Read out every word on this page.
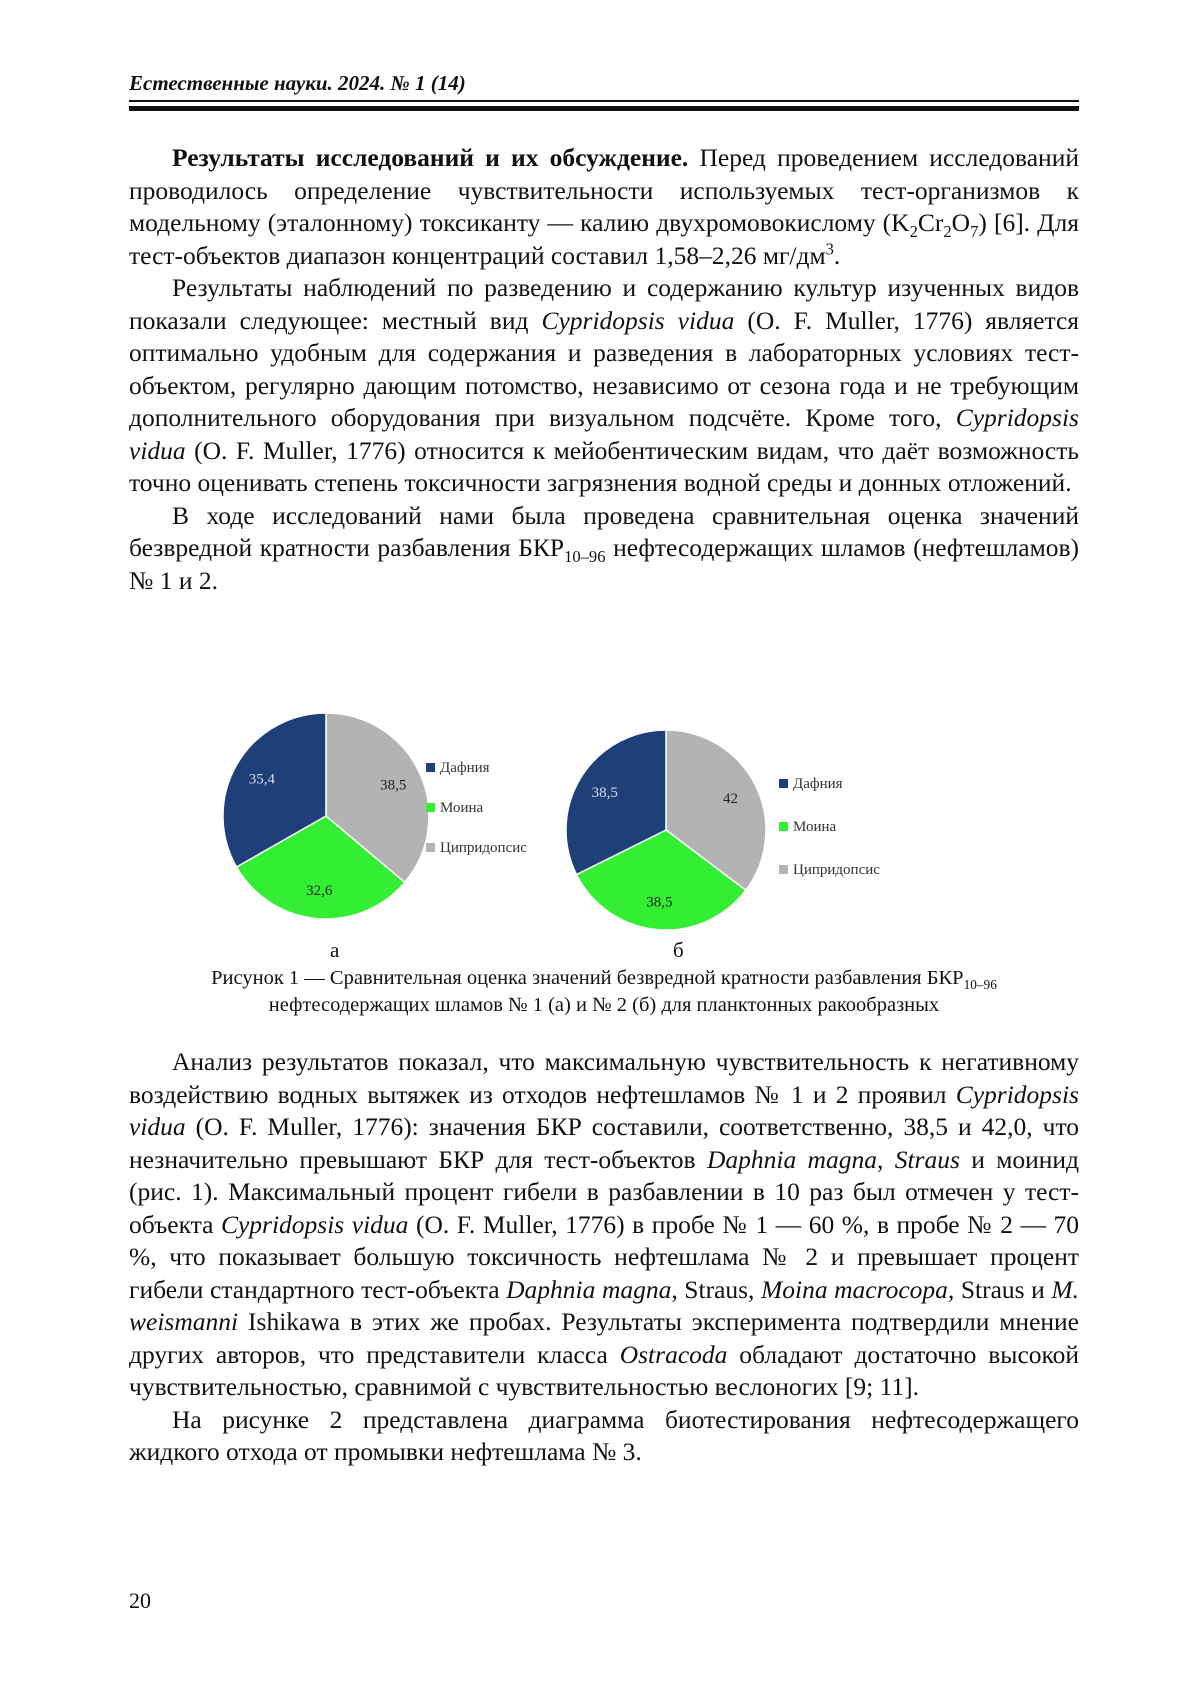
Естественные науки. 2024. № 1 (14)

Результаты исследований и их обсуждение. Перед проведением исследований проводилось определение чувствительности используемых тест-организмов к модельному (эталонному) токсиканту — калию двухромовокислому $(K_2Cr_2O_7)$ [6]. Для тест-объектов диапазон концентраций составил 1,58–2,26 $мг/дм^3$.

Результаты наблюдений по разведению и содержанию культур изученных видов показали следующее: местный вид Cypridopsis vidua (O. F. Muller, 1776) является оптимально удобным для содержания и разведения в лабораторных условиях тест-объектом, регулярно дающим потомство, независимо от сезона года и не требующим дополнительного оборудования при визуальном подсчёте. Кроме того, Cypridopsis vidua (O. F. Muller, 1776) относится к мейобентическим видам, что даёт возможность точно оценивать степень токсичности загрязнения водной среды и донных отложений.

В ходе исследований нами была проведена сравнительная оценка значений безвредной кратности разбавления $БКР_{10-96}$ нефтесодержащих шламов (нефтешламов) № 1 и 2.

38,5
32,6
35,4
Дафния
Моина
Ципридопсис
42
38,5
38,5
Дафния
Моина
Ципридопсис
а	б
Рисунок 1 — Сравнительная оценка значений безвредной кратности разбавления $БКР_{10-96}$
нефтесодержащих шламов № 1 (а) и № 2 (б) для планктонных ракообразных

Анализ результатов показал, что максимальную чувствительность к негативному воздействию водных вытяжек из отходов нефтешламов № 1 и 2 проявил Cypridopsis vidua (O. F. Muller, 1776): значения БКР составили, соответственно, 38,5 и 42,0, что незначительно превышают БКР для тест-объектов Daphnia magna, Straus и моинид (рис. 1). Максимальный процент гибели в разбавлении в 10 раз был отмечен у тест-объекта Cypridopsis vidua (O. F. Muller, 1776) в пробе № 1 — 60 %, в пробе № 2 — 70 %, что показывает большую токсичность нефтешлама № 2 и превышает процент гибели стандартного тест-объекта Daphnia magna, Straus, Moina macrocopa, Straus и M. weismanni Ishikawa в этих же пробах. Результаты эксперимента подтвердили мнение других авторов, что представители класса Ostracoda обладают достаточно высокой чувствительностью, сравнимой с чувствительностью веслоногих [9; 11].

На рисунке 2 представлена диаграмма биотестирования нефтесодержащего жидкого отхода от промывки нефтешлама № 3.

20
